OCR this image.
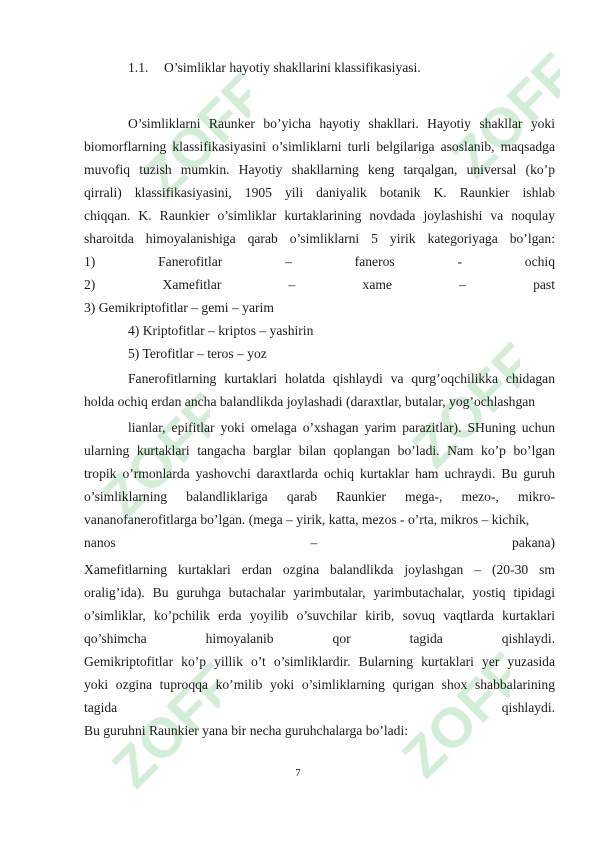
ZOFF	ZOFF
ZOFF	ZOFF
ZOFF	ZOFF
1.1. O’simliklar hayotiy shakllarini klassifikasiyasi.
O’simliklarni Raunker bo’yicha hayotiy shakllari. Hayotiy shakllar yoki
biomorflarning klassifikasiyasini o’simliklarni turli belgilariga asoslanib, maqsadga
muvofiq tuzish mumkin. Hayotiy shakllarning keng tarqalgan, universal (ko’p
qirrali) klassifikasiyasini, 1905 yili daniyalik botanik K. Raunkier ishlab
chiqqan. K. Raunkier o’simliklar kurtaklarining novdada joylashishi va noqulay
sharoitda himoyalanishiga qarab o’simliklarni 5 yirik kategoriyaga bo’lgan:
1) Fanerofitlar – faneros - ochiq
2) Xamefitlar – xame – past
3) Gemikriptofitlar – gemi – yarim
4) Kriptofitlar – kriptos – yashirin
5) Terofitlar – teros – yoz
Fanerofitlarning kurtaklari holatda qishlaydi va qurg’oqchilikka chidagan
holda ochiq erdan ancha balandlikda joylashadi (daraxtlar, butalar, yog’ochlashgan
lianlar, epifitlar yoki omelaga o’xshagan yarim parazitlar). SHuning uchun
ularning kurtaklari tangacha barglar bilan qoplangan bo’ladi. Nam ko’p bo’lgan
tropik o’rmonlarda yashovchi daraxtlarda ochiq kurtaklar ham uchraydi. Bu guruh
o’simliklarning balandliklariga qarab Raunkier mega-, mezo-, mikro-
vananofanerofitlarga bo’lgan. (mega – yirik, katta, mezos - o’rta, mikros – kichik,
nanos – pakana)
Xamefitlarning kurtaklari erdan ozgina balandlikda joylashgan – (20-30 sm
oralig’ida). Bu guruhga butachalar yarimbutalar, yarimbutachalar, yostiq tipidagi
o’simliklar, ko’pchilik erda yoyilib o’suvchilar kirib, sovuq vaqtlarda kurtaklari
qo’shimcha himoyalanib qor tagida qishlaydi.
Gemikriptofitlar ko’p yillik o’t o’simliklardir. Bularning kurtaklari yer yuzasida
yoki ozgina tuproqqa ko’milib yoki o’simliklarning qurigan shox shabbalarining
tagida qishlaydi.
Bu guruhni Raunkier yana bir necha guruhchalarga bo’ladi:
7
